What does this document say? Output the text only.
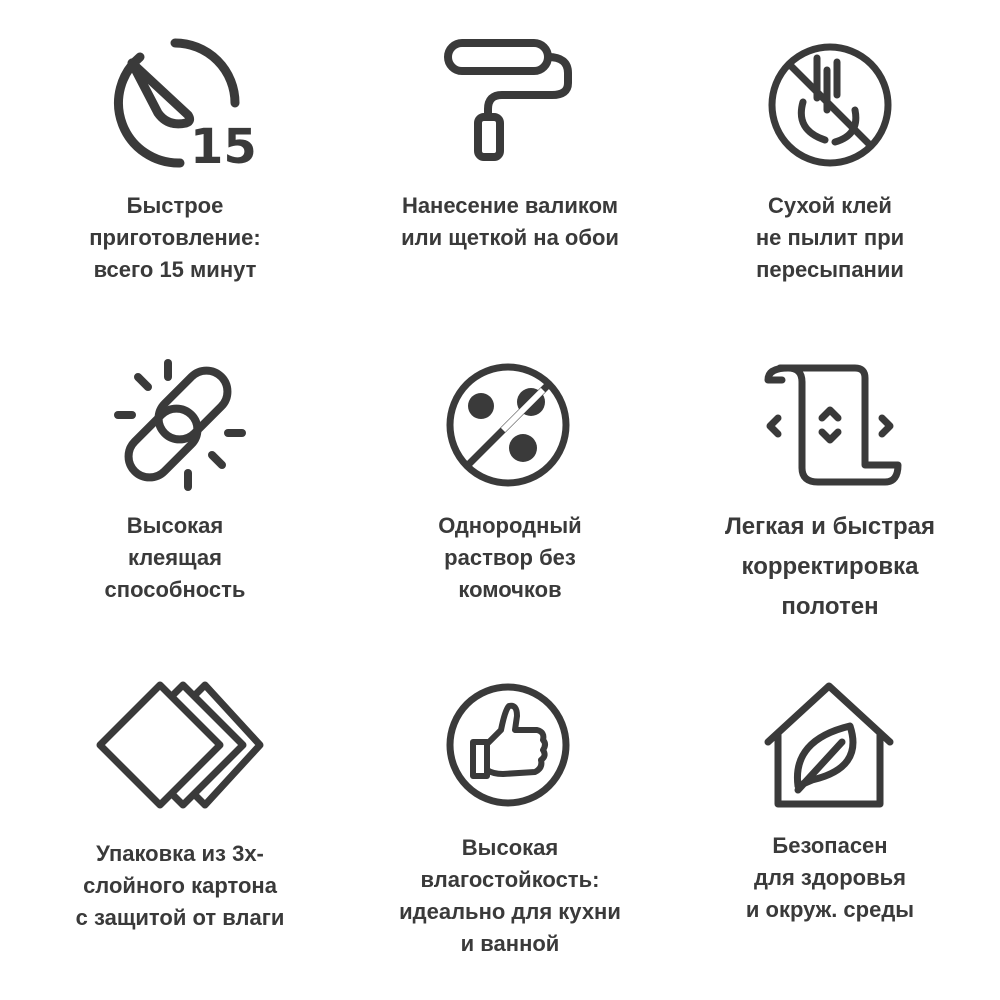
15
Быстрое
приготовление:
всего 15 минут
Нанесение валиком
или щеткой на обои
Сухой клей
не пылит при
пересыпании
Высокая
клеящая
способность
Однородный
раствор без
комочков
Легкая и быстрая
корректировка
полотен
Упаковка из 3х-
слойного картона
с защитой от влаги
Высокая
влагостойкость:
идеально для кухни
и ванной
Безопасен
для здоровья
и окруж. среды
